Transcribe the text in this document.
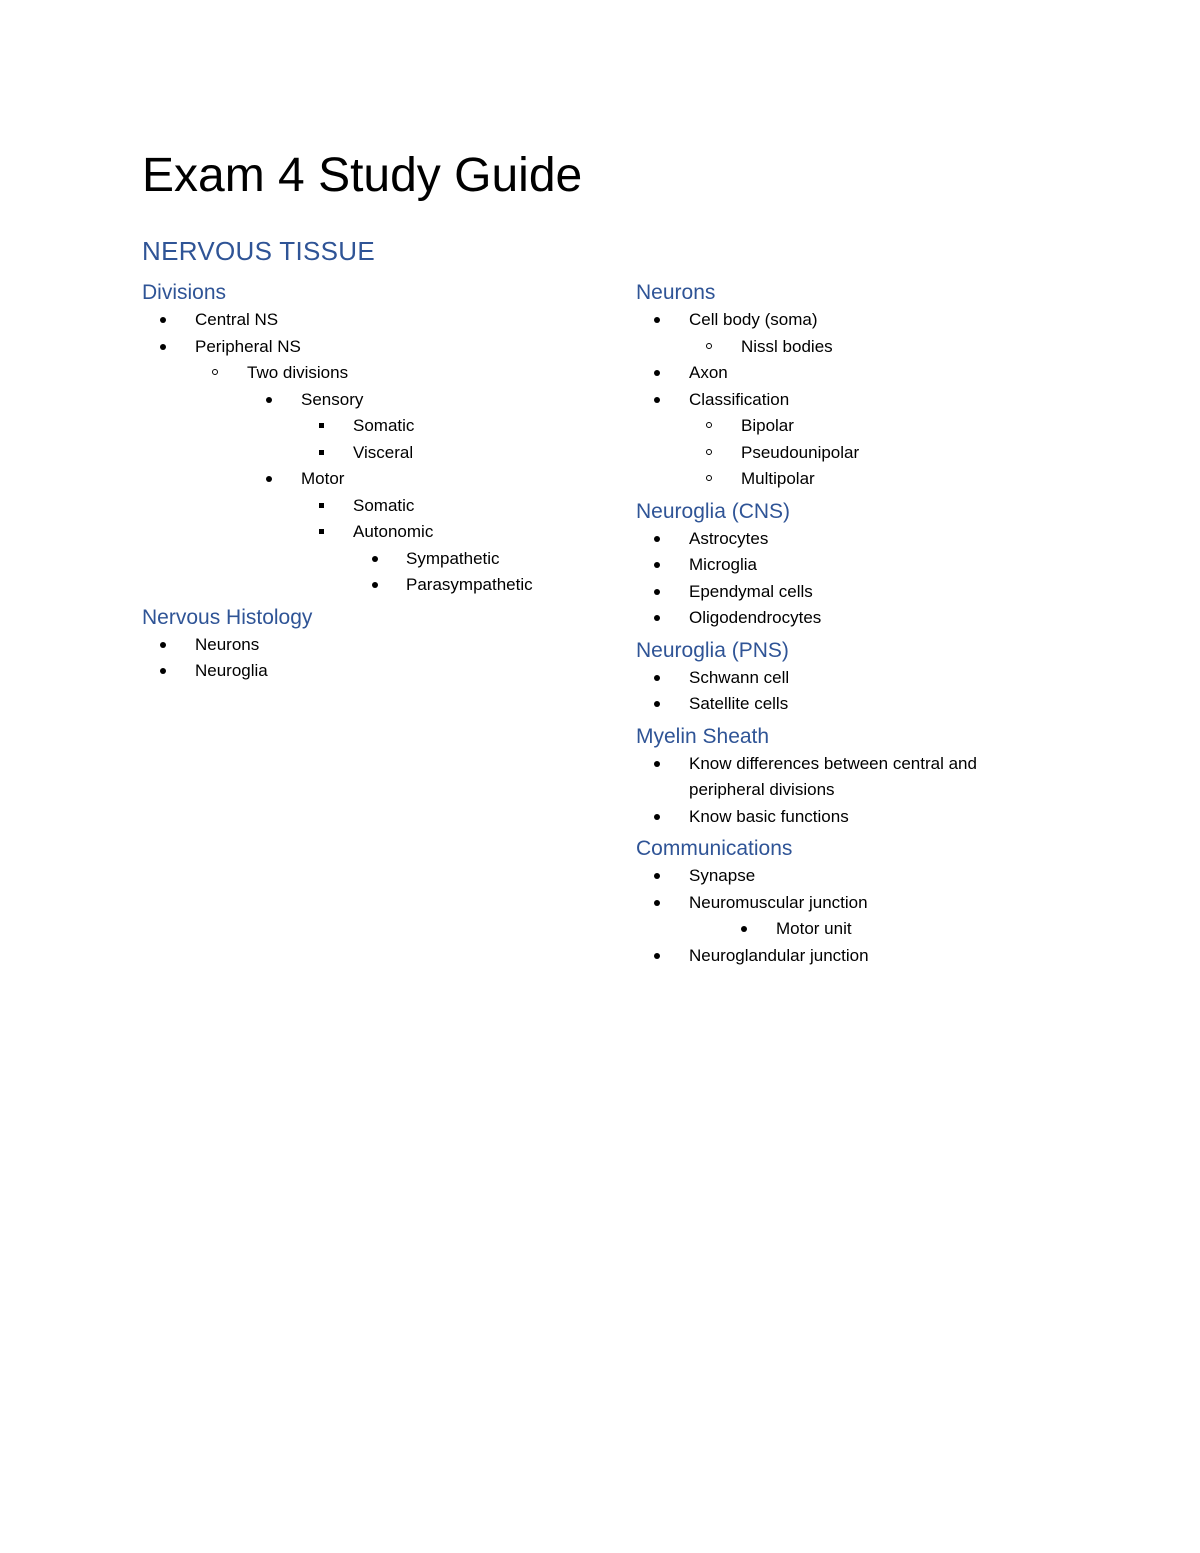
Exam 4 Study Guide
NERVOUS TISSUE
Divisions
Central NS
Peripheral NS
Two divisions
Sensory
Somatic
Visceral
Motor
Somatic
Autonomic
Sympathetic
Parasympathetic
Nervous Histology
Neurons
Neuroglia
Neurons
Cell body (soma)
Nissl bodies
Axon
Classification
Bipolar
Pseudounipolar
Multipolar
Neuroglia (CNS)
Astrocytes
Microglia
Ependymal cells
Oligodendrocytes
Neuroglia (PNS)
Schwann cell
Satellite cells
Myelin Sheath
Know differences between central and peripheral divisions
Know basic functions
Communications
Synapse
Neuromuscular junction
Motor unit
Neuroglandular junction
